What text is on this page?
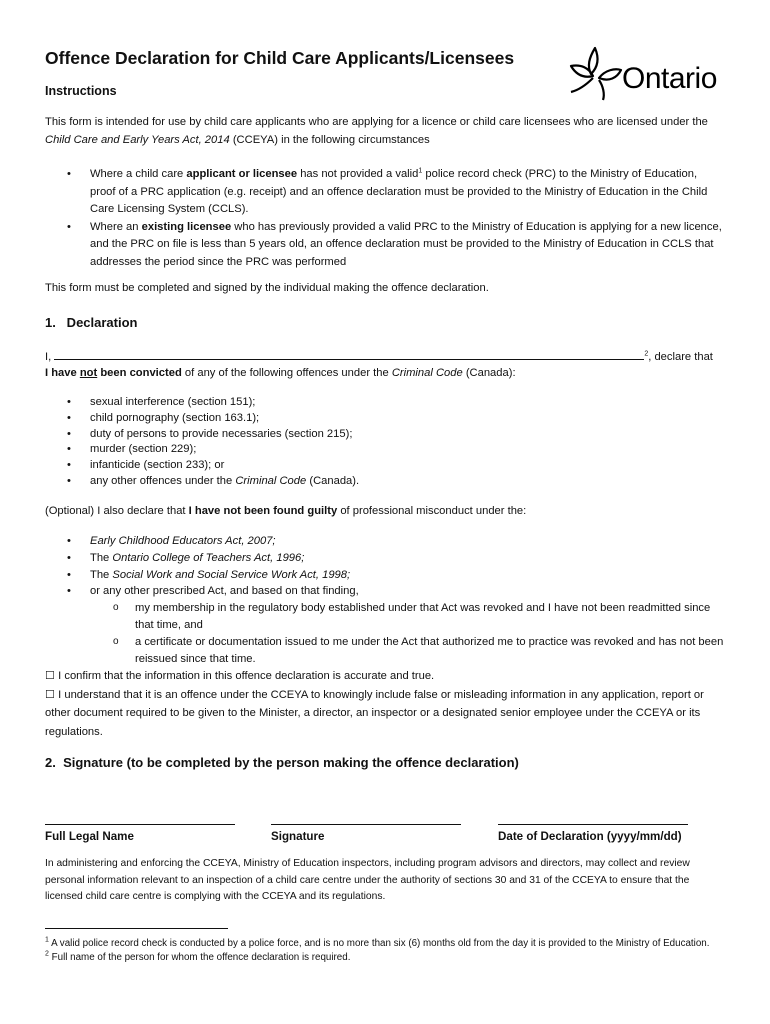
Offence Declaration for Child Care Applicants/Licensees
Instructions	Ontario
This form is intended for use by child care applicants who are applying for a licence or child care licensees who are licensed under the Child Care and Early Years Act, 2014 (CCEYA) in the following circumstances
• Where a child care applicant or licensee has not provided a valid$^1$ police record check (PRC) to the Ministry of Education, proof of a PRC application (e.g. receipt) and an offence declaration must be provided to the Ministry of Education in the Child Care Licensing System (CCLS).
• Where an existing licensee who has previously provided a valid PRC to the Ministry of Education is applying for a new licence, and the PRC on file is less than 5 years old, an offence declaration must be provided to the Ministry of Education in CCLS that addresses the period since the PRC was performed
This form must be completed and signed by the individual making the offence declaration.
1.   Declaration
I,	$^2$, declare that
I have not been convicted of any of the following offences under the Criminal Code (Canada):
• sexual interference (section 151);
• child pornography (section 163.1);
• duty of persons to provide necessaries (section 215);
• murder (section 229);
• infanticide (section 233); or
• any other offences under the Criminal Code (Canada).
(Optional) I also declare that I have not been found guilty of professional misconduct under the:
• Early Childhood Educators Act, 2007;
• The Ontario College of Teachers Act, 1996;
• The Social Work and Social Service Work Act, 1998;
• or any other prescribed Act, and based on that finding,
o my membership in the regulatory body established under that Act was revoked and I have not been readmitted since that time, and
o a certificate or documentation issued to me under the Act that authorized me to practice was revoked and has not been reissued since that time.
☐ I confirm that the information in this offence declaration is accurate and true.
☐ I understand that it is an offence under the CCEYA to knowingly include false or misleading information in any application, report or other document required to be given to the Minister, a director, an inspector or a designated senior employee under the CCEYA or its regulations.
2.  Signature (to be completed by the person making the offence declaration)
Full Legal Name	Signature	Date of Declaration (yyyy/mm/dd)
In administering and enforcing the CCEYA, Ministry of Education inspectors, including program advisors and directors, may collect and review personal information relevant to an inspection of a child care centre under the authority of sections 30 and 31 of the CCEYA to ensure that the licensed child care centre is complying with the CCEYA and its regulations.
$^1$ A valid police record check is conducted by a police force, and is no more than six (6) months old from the day it is provided to the Ministry of Education.
$^2$ Full name of the person for whom the offence declaration is required.
